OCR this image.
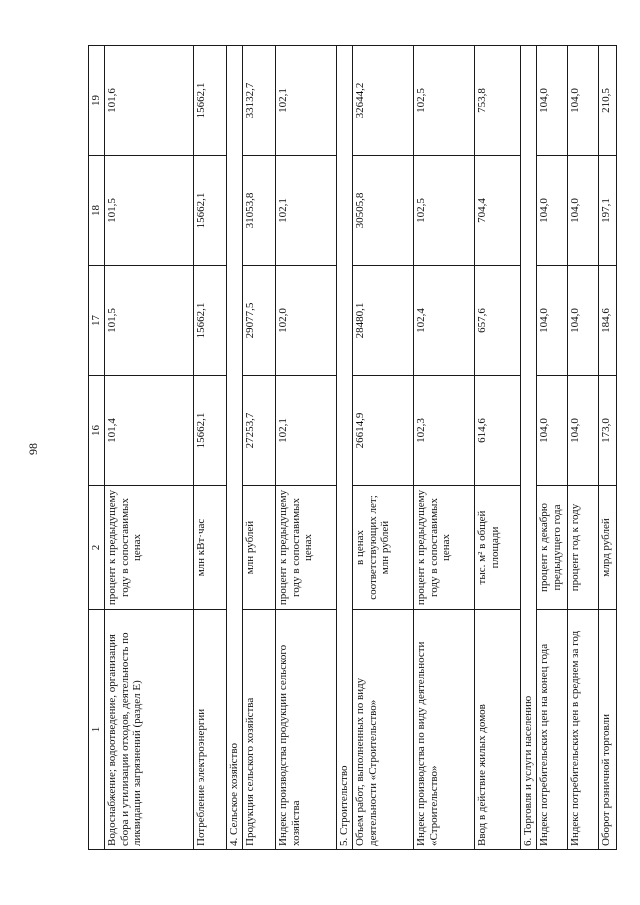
98
1	2	16	17	18	19
Водоснабжение; водоотведение, организация сбора и утилизации отходов, деятельность по ликвидации загрязнений (раздел Е)	процент к предыдущему году в сопоставимых ценах	101,4	101,5	101,5	101,6
Потребление электроэнергии	млн кВт·час	15662,1	15662,1	15662,1	15662,1
4. Сельское хозяйство					
Продукция сельского хозяйства	млн рублей	27253,7	29077,5	31053,8	33132,7
Индекс производства продукции сельского хозяйства	процент к предыдущему году в сопоставимых ценах	102,1	102,0	102,1	102,1
5. Строительство					
Объем работ, выполненных по виду деятельности «Строительство»	в ценах соответствующих лет; млн рублей	26614,9	28480,1	30505,8	32644,2
Индекс производства по виду деятельности «Строительство»	процент к предыдущему году в сопоставимых ценах	102,3	102,4	102,5	102,5
Ввод в действие жилых домов	тыс. м² в общей площади	614,6	657,6	704,4	753,8
6. Торговля и услуги населению					
Индекс потребительских цен на конец года	процент к декабрю предыдущего года	104,0	104,0	104,0	104,0
Индекс потребительских цен в среднем за год	процент год к году	104,0	104,0	104,0	104,0
Оборот розничной торговли	млрд рублей	173,0	184,6	197,1	210,5
